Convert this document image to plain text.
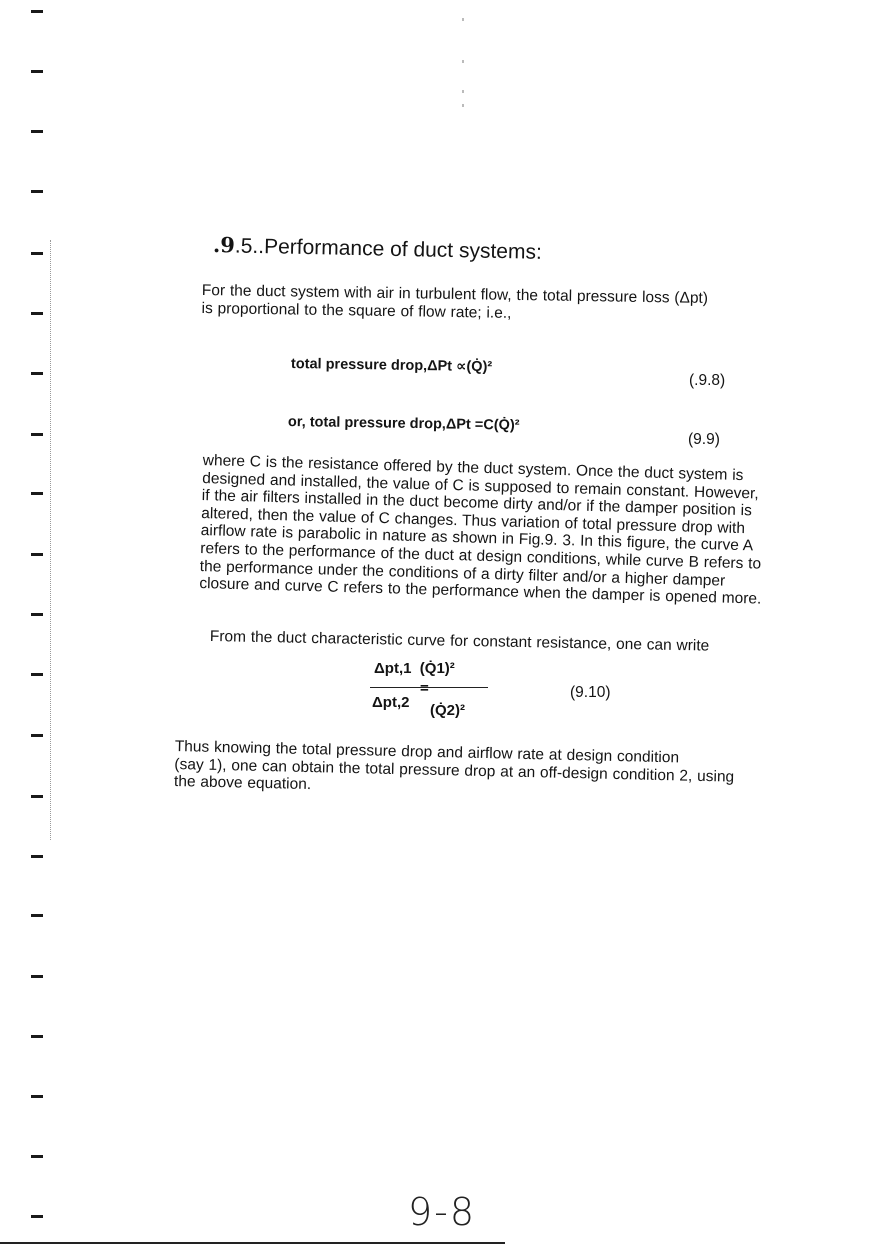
.9.5..Performance of duct systems:

For the duct system with air in turbulent flow, the total pressure loss (Δpt)
is proportional to the square of flow rate; i.e.,

total pressure drop,ΔPt ∝(Q̇)²
(.9.8)
or, total pressure drop,ΔPt =C(Q̇)²
(9.9)

where C is the resistance offered by the duct system. Once the duct system is
designed and installed, the value of C is supposed to remain constant. However,
if the air filters installed in the duct become dirty and/or if the damper position is
altered, then the value of C changes. Thus variation of total pressure drop with
airflow rate is parabolic in nature as shown in Fig.9. 3. In this figure, the curve A
refers to the performance of the duct at design conditions, while curve B refers to
the performance under the conditions of a dirty filter and/or a higher damper
closure and curve C refers to the performance when the damper is opened more.

From the duct characteristic curve for constant resistance, one can write

Δpt,1 (Q̇1)²
=
Δpt,2 (Q̇2)²
(9.10)

Thus knowing the total pressure drop and airflow rate at design condition
(say 1), one can obtain the total pressure drop at an off-design condition 2, using
the above equation.

9-8
